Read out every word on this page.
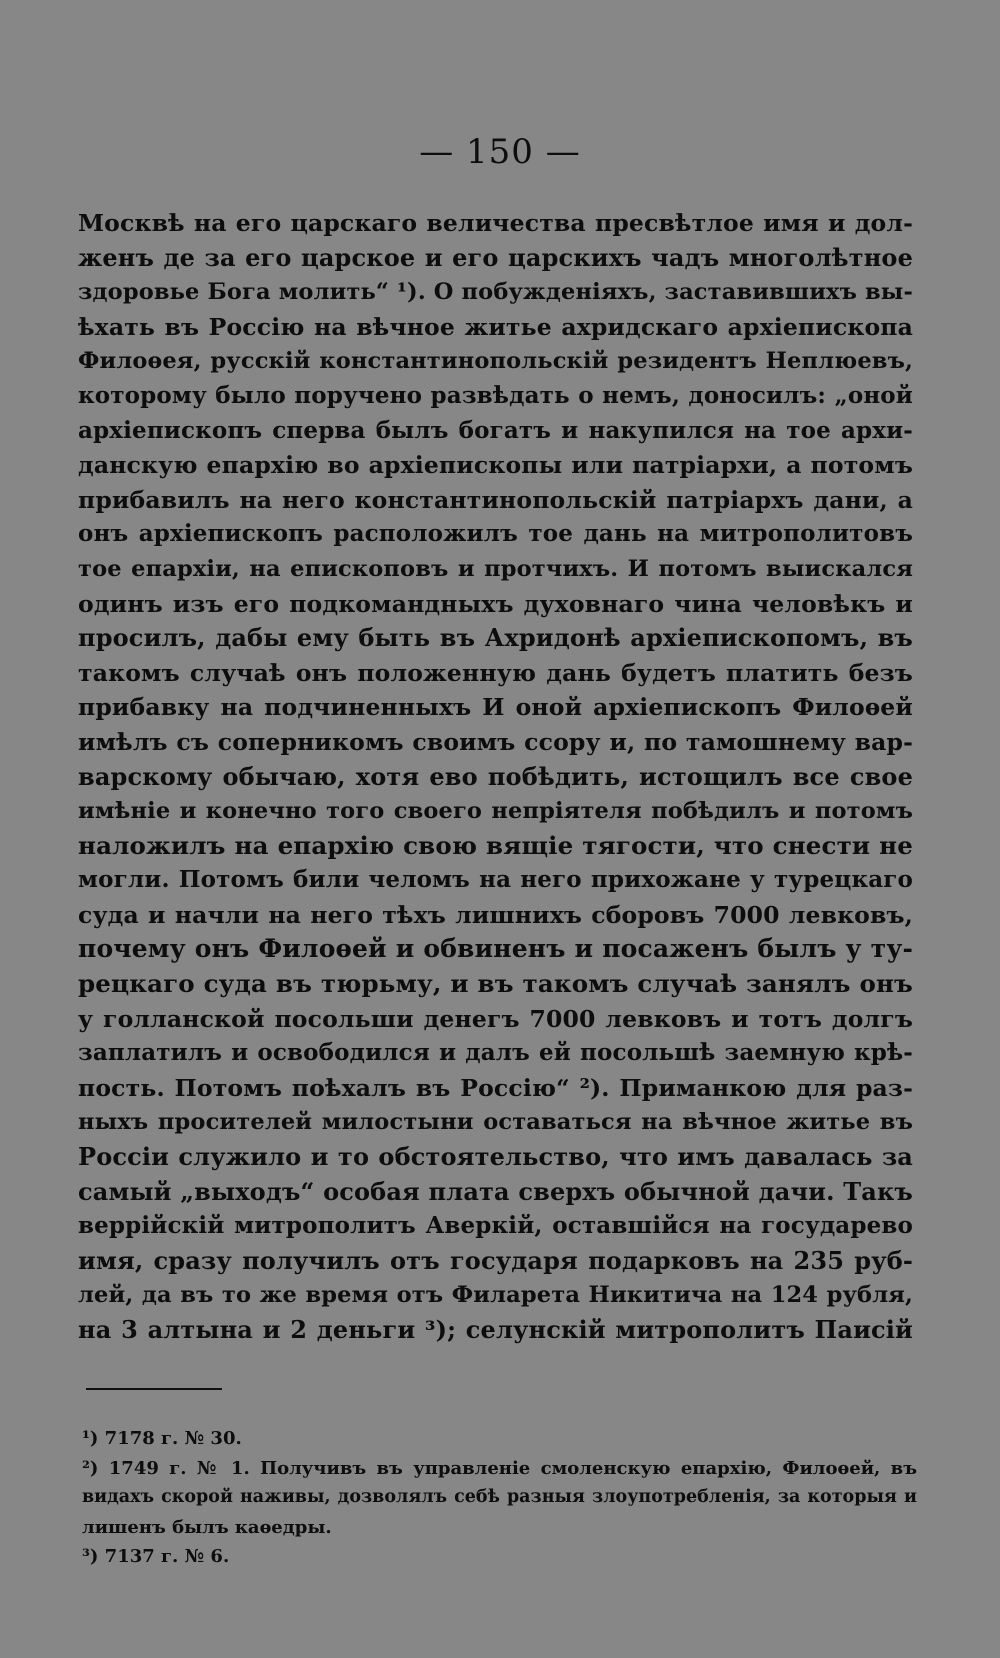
— 150 —
Москвѣ на его царскаго величества пресвѣтлое имя и дол-
женъ де за его царское и его царскихъ чадъ многолѣтное
здоровье Бога молить“ ¹). О побужденіяхъ, заставившихъ вы-
ѣхать въ Россію на вѣчное житье ахридскаго архіепископа
Филоѳея, русскій константинопольскій резидентъ Неплюевъ,
которому было поручено развѣдать о немъ, доносилъ: „оной
архіепископъ сперва былъ богатъ и накупился на тое архи-
данскую епархію во архіепископы или патріархи, а потомъ
прибавилъ на него константинопольскій патріархъ дани, а
онъ архіепископъ расположилъ тое дань на митрополитовъ
тое епархіи, на епископовъ и протчихъ. И потомъ выискался
одинъ изъ его подкомандныхъ духовнаго чина человѣкъ и
просилъ, дабы ему быть въ Ахридонѣ архіепископомъ, въ
такомъ случаѣ онъ положенную дань будетъ платить безъ
прибавку на подчиненныхъ И оной архіепископъ Филоѳей
имѣлъ съ соперникомъ своимъ ссору и, по тамошнему вар-
варскому обычаю, хотя ево побѣдить, истощилъ все свое
имѣніе и конечно того своего непріятеля побѣдилъ и потомъ
наложилъ на епархію свою вящіе тягости, что снести не
могли. Потомъ били челомъ на него прихожане у турецкаго
суда и начли на него тѣхъ лишнихъ сборовъ 7000 левковъ,
почему онъ Филоѳей и обвиненъ и посаженъ былъ у ту-
рецкаго суда въ тюрьму, и въ такомъ случаѣ занялъ онъ
у голланской посольши денегъ 7000 левковъ и тотъ долгъ
заплатилъ и освободился и далъ ей посольшѣ заемную крѣ-
пость. Потомъ поѣхалъ въ Россію“ ²). Приманкою для раз-
ныхъ просителей милостыни оставаться на вѣчное житье въ
Россіи служило и то обстоятельство, что имъ давалась за
самый „выходъ“ особая плата сверхъ обычной дачи. Такъ
веррійскій митрополитъ Аверкій, оставшійся на государево
имя, сразу получилъ отъ государя подарковъ на 235 руб-
лей, да въ то же время отъ Филарета Никитича на 124 рубля,
на 3 алтына и 2 деньги ³); селунскій митрополитъ Паисій
¹) 7178 г. № 30.
²) 1749 г. № 1. Получивъ въ управленіе смоленскую епархію, Филоѳей, въ
видахъ скорой наживы, дозволялъ себѣ разныя злоупотребленія, за которыя и
лишенъ былъ каѳедры.
³) 7137 г. № 6.
